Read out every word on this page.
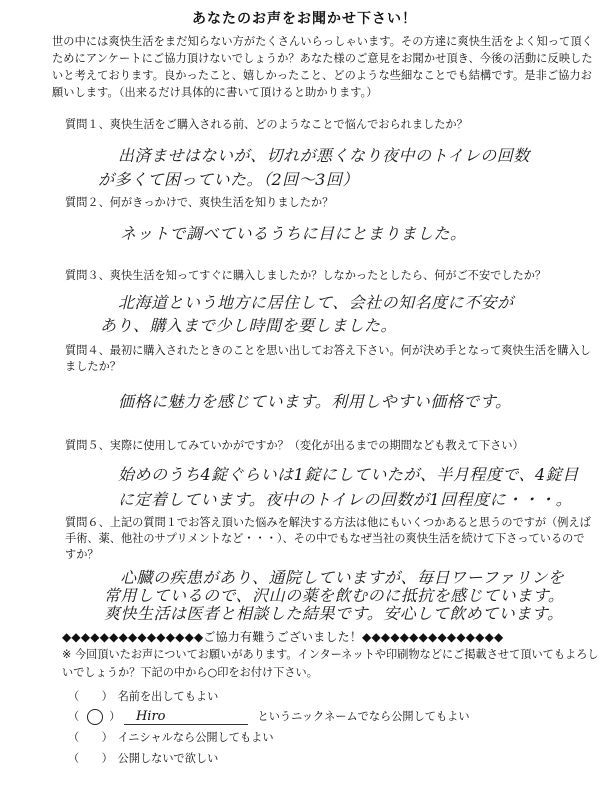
あなたのお声をお聞かせ下さい！
世の中には爽快生活をまだ知らない方がたくさんいらっしゃいます。その方達に爽快生活をよく知って頂くためにアンケートにご協力頂けないでしょうか？あなた様のご意見をお聞かせ頂き、今後の活動に反映したいと考えております。良かったこと、嬉しかったこと、どのような些細なことでも結構です。是非ご協力お願いします。（出来るだけ具体的に書いて頂けると助かります。）
質問１、爽快生活をご購入される前、どのようなことで悩んでおられましたか？
出済ませはないが、切れが悪くなり夜中のトイレの回数
が多くて困っていた。（2回〜3回）
質問２、何がきっかけで、爽快生活を知りましたか？
ネットで調べているうちに目にとまりました。
質問３、爽快生活を知ってすぐに購入しましたか？しなかったとしたら、何がご不安でしたか？
北海道という地方に居住して、会社の知名度に不安が
あり、購入まで少し時間を要しました。
質問４、最初に購入されたときのことを思い出してお答え下さい。何が決め手となって爽快生活を購入しましたか？
価格に魅力を感じています。利用しやすい価格です。
質問５、実際に使用してみていかがですか？（変化が出るまでの期間なども教えて下さい）
始めのうち4錠ぐらいは1錠にしていたが、半月程度で、4錠目
に定着しています。夜中のトイレの回数が1回程度に・・・。
質問６、上記の質問１でお答え頂いた悩みを解決する方法は他にもいくつかあると思うのですが（例えば手術、薬、他社のサプリメントなど・・・）、その中でもなぜ当社の爽快生活を続けて下さっているのですか？
心臓の疾患があり、通院していますが、毎日ワーファリンを
常用しているので、沢山の薬を飲むのに抵抗を感じています。
爽快生活は医者と相談した結果です。安心して飲めています。
◆◆◆◆◆◆◆◆◆◆◆◆◆◆◆ご協力有難うございました！◆◆◆◆◆◆◆◆◆◆◆◆◆◆◆
※ 今回頂いたお声についてお願いがあります。インターネットや印刷物などにご掲載させて頂いてもよろしいでしょうか？下記の中から○印をお付け下さい。
（　　） 名前を出してもよい
（	） Hiro	というニックネームでなら公開してもよい
（　　） イニシャルなら公開してもよい
（　　） 公開しないで欲しい
